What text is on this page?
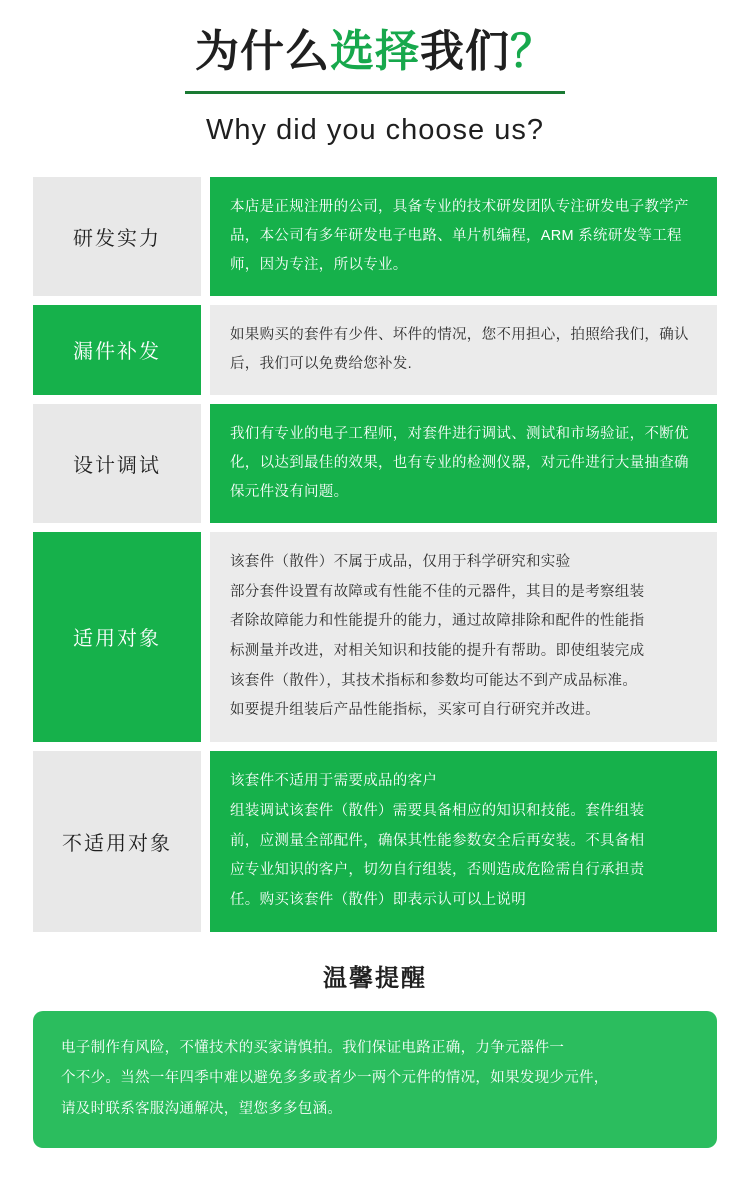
为什么选择我们？
Why did you choose us?
研发实力
本店是正规注册的公司，具备专业的技术研发团队专注研发电子教学产品，本公司有多年研发电子电路、单片机编程，ARM 系统研发等工程师，因为专注，所以专业。
漏件补发
如果购买的套件有少件、坏件的情况，您不用担心，拍照给我们，确认后，我们可以免费给您补发.
设计调试
我们有专业的电子工程师，对套件进行调试、测试和市场验证，不断优化，以达到最佳的效果，也有专业的检测仪器，对元件进行大量抽查确保元件没有问题。
适用对象

该套件（散件）不属于成品，仅用于科学研究和实验

部分套件设置有故障或有性能不佳的元器件，其目的是考察组装

者除故障能力和性能提升的能力，通过故障排除和配件的性能指

标测量并改进，对相关知识和技能的提升有帮助。即使组装完成

该套件（散件），其技术指标和参数均可能达不到产成品标准。

如要提升组装后产品性能指标，买家可自行研究并改进。

不适用对象

该套件不适用于需要成品的客户

组装调试该套件（散件）需要具备相应的知识和技能。套件组装

前，应测量全部配件，确保其性能参数安全后再安装。不具备相

应专业知识的客户，切勿自行组装，否则造成危险需自行承担责

任。购买该套件（散件）即表示认可以上说明

温馨提醒

电子制作有风险，不懂技术的买家请慎拍。我们保证电路正确，力争元器件一

个不少。当然一年四季中难以避免多多或者少一两个元件的情况，如果发现少元件，

请及时联系客服沟通解决，望您多多包涵。
